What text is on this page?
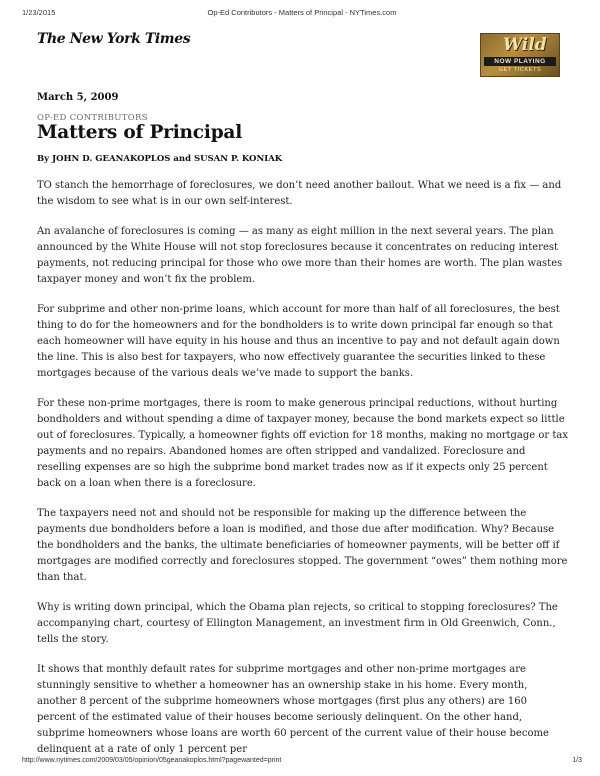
1/23/2015	Op-Ed Contributors - Matters of Principal - NYTimes.com
The New York Times	Wild
NOW PLAYING
GET TICKETS
March 5, 2009
OP-ED CONTRIBUTORS
Matters of Principal
By JOHN D. GEANAKOPLOS and SUSAN P. KONIAK

TO stanch the hemorrhage of foreclosures, we don’t need another bailout. What we need is a fix — and the wisdom to see what is in our own self-interest.

An avalanche of foreclosures is coming — as many as eight million in the next several years. The plan announced by the White House will not stop foreclosures because it concentrates on reducing interest payments, not reducing principal for those who owe more than their homes are worth. The plan wastes taxpayer money and won’t fix the problem.

For subprime and other non-prime loans, which account for more than half of all foreclosures, the best thing to do for the homeowners and for the bondholders is to write down principal far enough so that each homeowner will have equity in his house and thus an incentive to pay and not default again down the line. This is also best for taxpayers, who now effectively guarantee the securities linked to these mortgages because of the various deals we’ve made to support the banks.

For these non-prime mortgages, there is room to make generous principal reductions, without hurting bondholders and without spending a dime of taxpayer money, because the bond markets expect so little out of foreclosures. Typically, a homeowner fights off eviction for 18 months, making no mortgage or tax payments and no repairs. Abandoned homes are often stripped and vandalized. Foreclosure and reselling expenses are so high the subprime bond market trades now as if it expects only 25 percent back on a loan when there is a foreclosure.

The taxpayers need not and should not be responsible for making up the difference between the payments due bondholders before a loan is modified, and those due after modification. Why? Because the bondholders and the banks, the ultimate beneficiaries of homeowner payments, will be better off if mortgages are modified correctly and foreclosures stopped. The government “owes” them nothing more than that.

Why is writing down principal, which the Obama plan rejects, so critical to stopping foreclosures? The accompanying chart, courtesy of Ellington Management, an investment firm in Old Greenwich, Conn., tells the story.

It shows that monthly default rates for subprime mortgages and other non-prime mortgages are stunningly sensitive to whether a homeowner has an ownership stake in his home. Every month, another 8 percent of the subprime homeowners whose mortgages (first plus any others) are 160 percent of the estimated value of their houses become seriously delinquent. On the other hand, subprime homeowners whose loans are worth 60 percent of the current value of their house become delinquent at a rate of only 1 percent per

http://www.nytimes.com/2009/03/05/opinion/05geanakoplos.html?pagewanted=print	1/3
